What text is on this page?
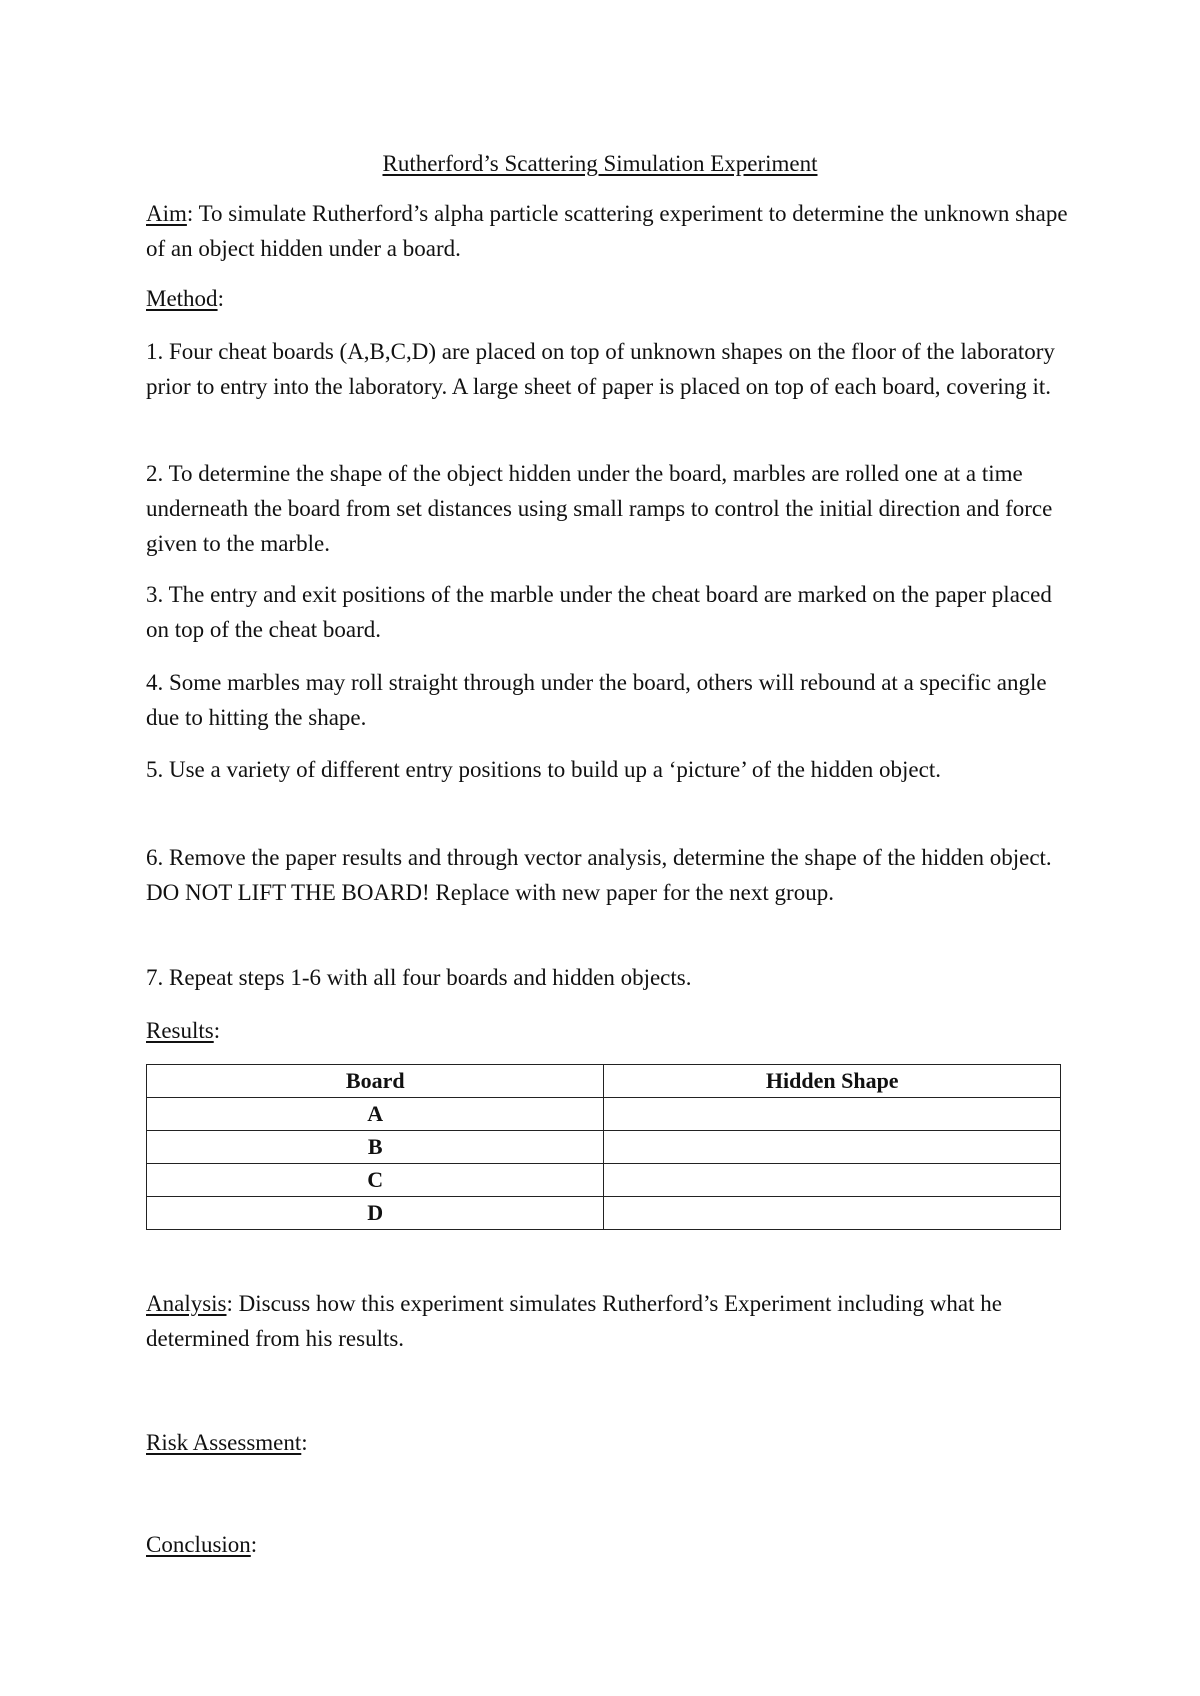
Rutherford’s Scattering Simulation Experiment

Aim: To simulate Rutherford’s alpha particle scattering experiment to determine the unknown shape of an object hidden under a board.

Method:

1. Four cheat boards (A,B,C,D) are placed on top of unknown shapes on the floor of the laboratory prior to entry into the laboratory. A large sheet of paper is placed on top of each board, covering it.

2. To determine the shape of the object hidden under the board, marbles are rolled one at a time underneath the board from set distances using small ramps to control the initial direction and force given to the marble.

3. The entry and exit positions of the marble under the cheat board are marked on the paper placed on top of the cheat board.

4. Some marbles may roll straight through under the board, others will rebound at a specific angle due to hitting the shape.

5. Use a variety of different entry positions to build up a ‘picture’ of the hidden object.

6. Remove the paper results and through vector analysis, determine the shape of the hidden object. DO NOT LIFT THE BOARD! Replace with new paper for the next group.

7. Repeat steps 1-6 with all four boards and hidden objects.

Results:

Board	Hidden Shape
A	
B	
C	
D	

Analysis: Discuss how this experiment simulates Rutherford’s Experiment including what he determined from his results.

Risk Assessment:

Conclusion:
